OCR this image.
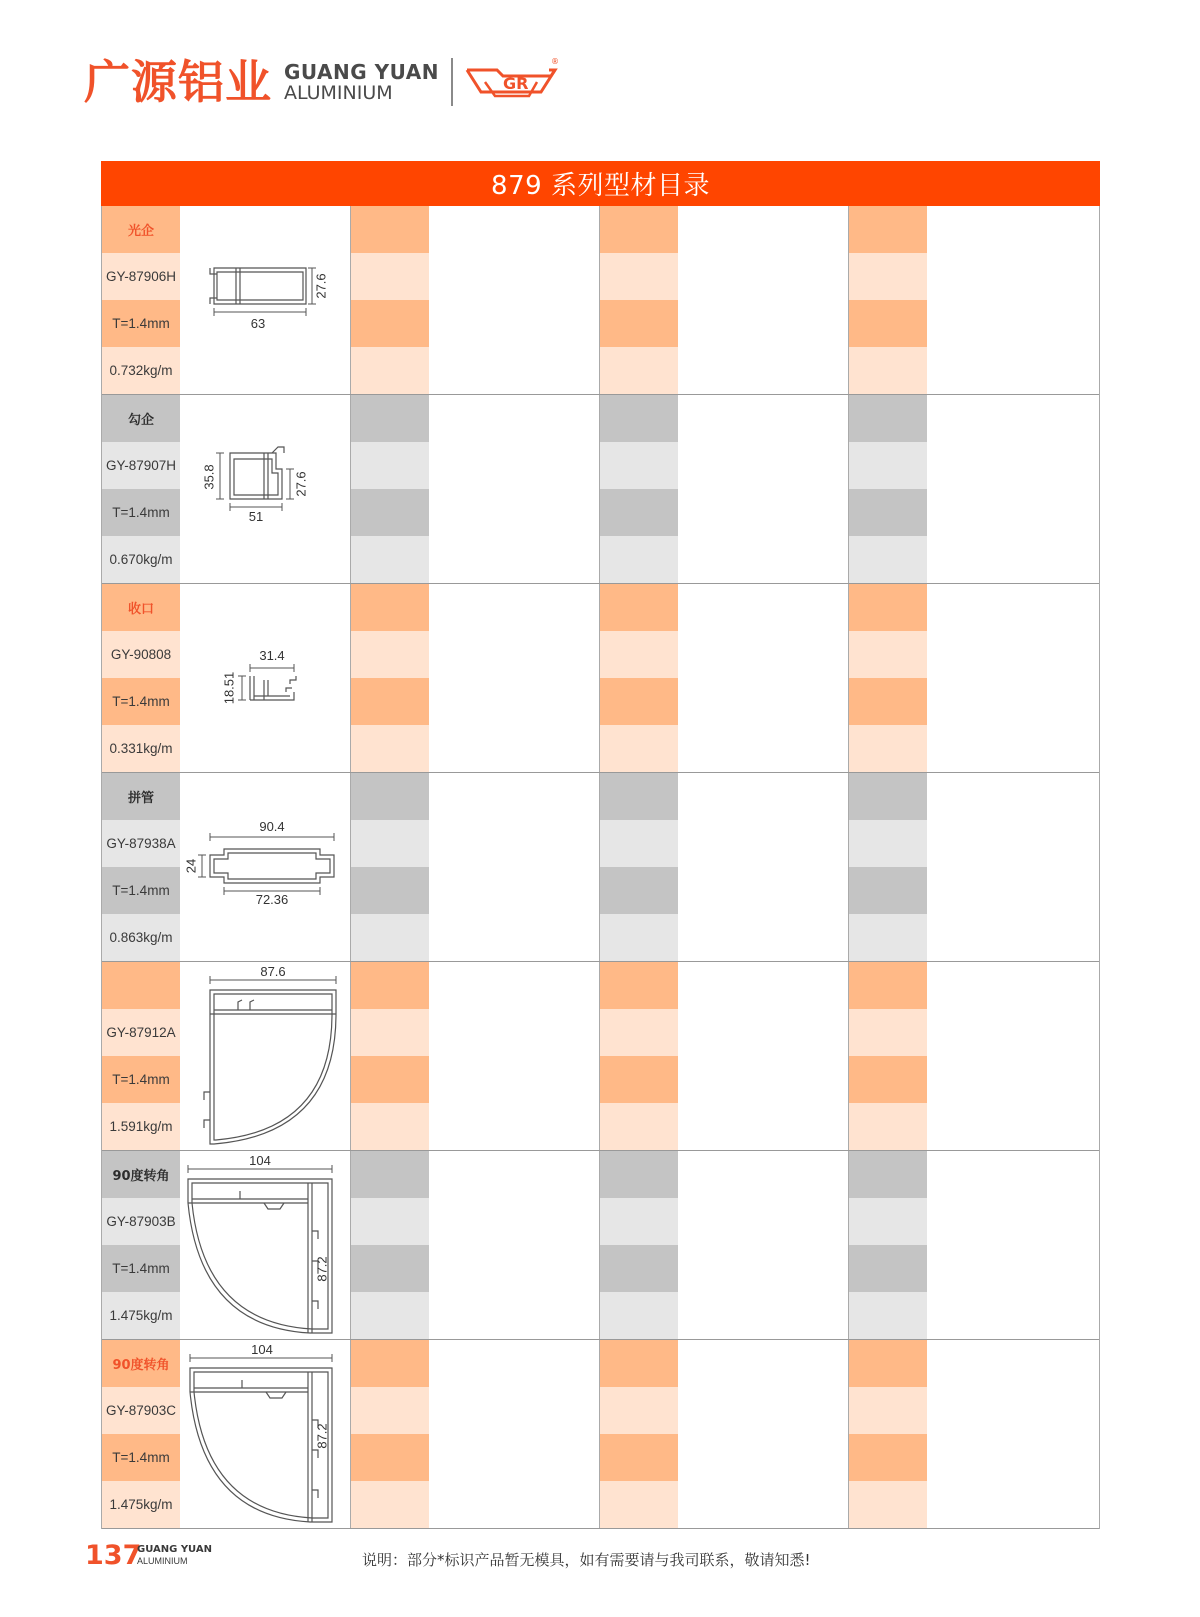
广源铝业 GUANG YUAN
ALUMINIUM	GR
®
879 系列型材目录
光企
GY-87906H
T=1.4mm
0.732kg/m
27.6
63
勾企
GY-87907H
T=1.4mm
0.670kg/m
35.8	27.6
51
收口
GY-90808
T=1.4mm
0.331kg/m
31.4
18.51
拼管
GY-87938A
T=1.4mm
0.863kg/m
90.4
24
72.36
GY-87912A
T=1.4mm
1.591kg/m
87.6
90度转角
GY-87903B
T=1.4mm
1.475kg/m
104
87.2
90度转角
GY-87903C
T=1.4mm
1.475kg/m
104
87.2
137
GUANG YUAN
ALUMINIUM	说明：部分*标识产品暂无模具，如有需要请与我司联系，敬请知悉!
